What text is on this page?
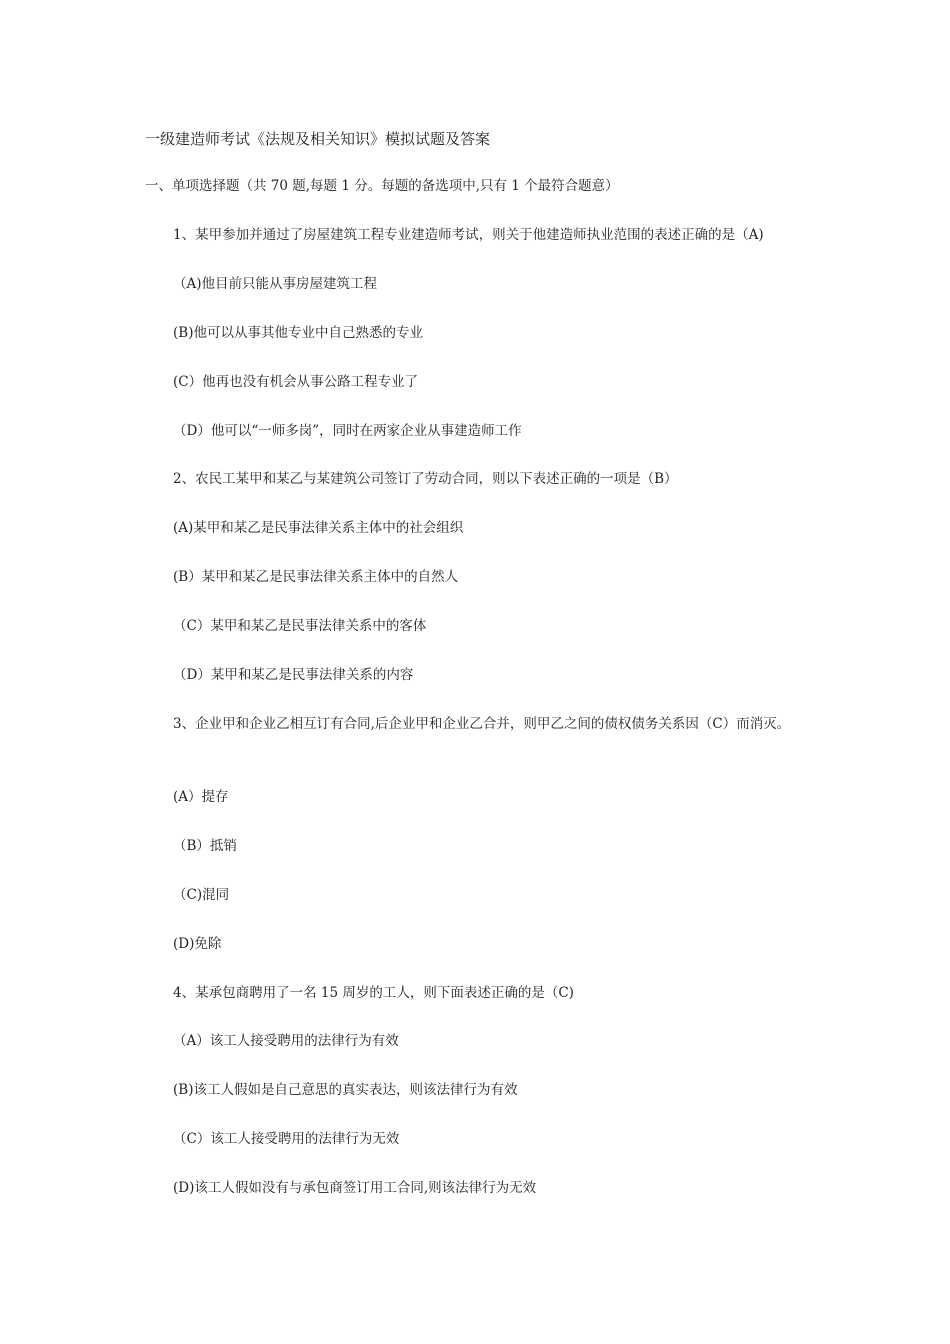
一级建造师考试《法规及相关知识》模拟试题及答案
一、单项选择题（共 70 题,每题 1 分。每题的备选项中,只有 1 个最符合题意）
1、某甲参加并通过了房屋建筑工程专业建造师考试，则关于他建造师执业范围的表述正确的是（A)
（A)他目前只能从事房屋建筑工程
(B)他可以从事其他专业中自己熟悉的专业
(C）他再也没有机会从事公路工程专业了
（D）他可以“一师多岗”，同时在两家企业从事建造师工作
2、农民工某甲和某乙与某建筑公司签订了劳动合同，则以下表述正确的一项是（B）
(A)某甲和某乙是民事法律关系主体中的社会组织
(B）某甲和某乙是民事法律关系主体中的自然人
（C）某甲和某乙是民事法律关系中的客体
（D）某甲和某乙是民事法律关系的内容
3、企业甲和企业乙相互订有合同,后企业甲和企业乙合并，则甲乙之间的债权债务关系因（C）而消灭。
(A）提存
（B）抵销
（C)混同
(D)免除
4、某承包商聘用了一名 15 周岁的工人，则下面表述正确的是（C)
（A）该工人接受聘用的法律行为有效
(B)该工人假如是自己意思的真实表达，则该法律行为有效
（C）该工人接受聘用的法律行为无效
(D)该工人假如没有与承包商签订用工合同,则该法律行为无效
